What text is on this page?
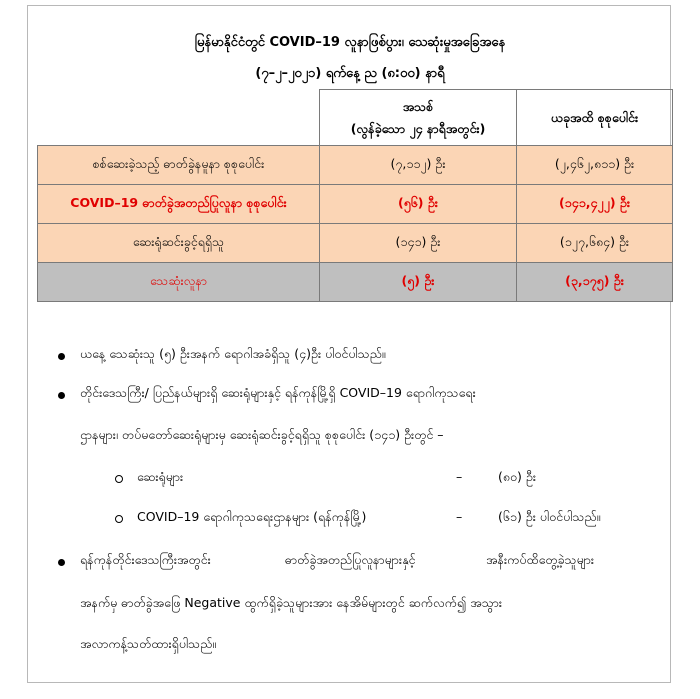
မြန်မာနိုင်ငံတွင် COVID–19 လူနာဖြစ်ပွား၊ သေဆုံးမှုအခြေအနေ
(၇–၂–၂၀၂၁) ရက်နေ့ ည (၈:၀၀) နာရီ

	အသစ်
(လွန်ခဲ့သော ၂၄ နာရီအတွင်း)	ယခုအထိ စုစုပေါင်း
စစ်ဆေးခဲ့သည့် ဓာတ်ခွဲနမူနာ စုစုပေါင်း	(၇,၁၁၂) ဦး	(၂,၄၆၂,၈၁၁) ဦး
COVID–19 ဓာတ်ခွဲအတည်ပြုလူနာ စုစုပေါင်း	(၅၆) ဦး	(၁၄၁,၄၂၂) ဦး
ဆေးရုံဆင်းခွင့်ရရှိသူ	(၁၄၁) ဦး	(၁၂၇,၆၈၄) ဦး
သေဆုံးလူနာ	(၅) ဦး	(၃,၁၇၅) ဦး
ယနေ့ သေဆုံးသူ (၅) ဦးအနက် ရောဂါအခံရှိသူ (၄)ဦး ပါဝင်ပါသည်။
တိုင်းဒေသကြီး/ ပြည်နယ်များရှိ ဆေးရုံများနှင့် ရန်ကုန်မြို့ရှိ COVID–19 ရောဂါကုသရေး
ဌာနများ၊ တပ်မတော်ဆေးရုံများမှ ဆေးရုံဆင်းခွင့်ရရှိသူ စုစုပေါင်း (၁၄၁) ဦးတွင် –
ဆေးရုံများ	–	(၈၀) ဦး
COVID–19 ရောဂါကုသရေးဌာနများ (ရန်ကုန်မြို့)	–	(၆၁) ဦး ပါဝင်ပါသည်။
ရန်ကုန်တိုင်းဒေသကြီးအတွင်း	ဓာတ်ခွဲအတည်ပြုလူနာများနှင့်	အနီးကပ်ထိတွေ့ခဲ့သူများ
အနက်မှ ဓာတ်ခွဲအဖြေ Negative ထွက်ရှိခဲ့သူများအား နေအိမ်များတွင် ဆက်လက်၍ အသွား
အလာကန့်သတ်ထားရှိပါသည်။
